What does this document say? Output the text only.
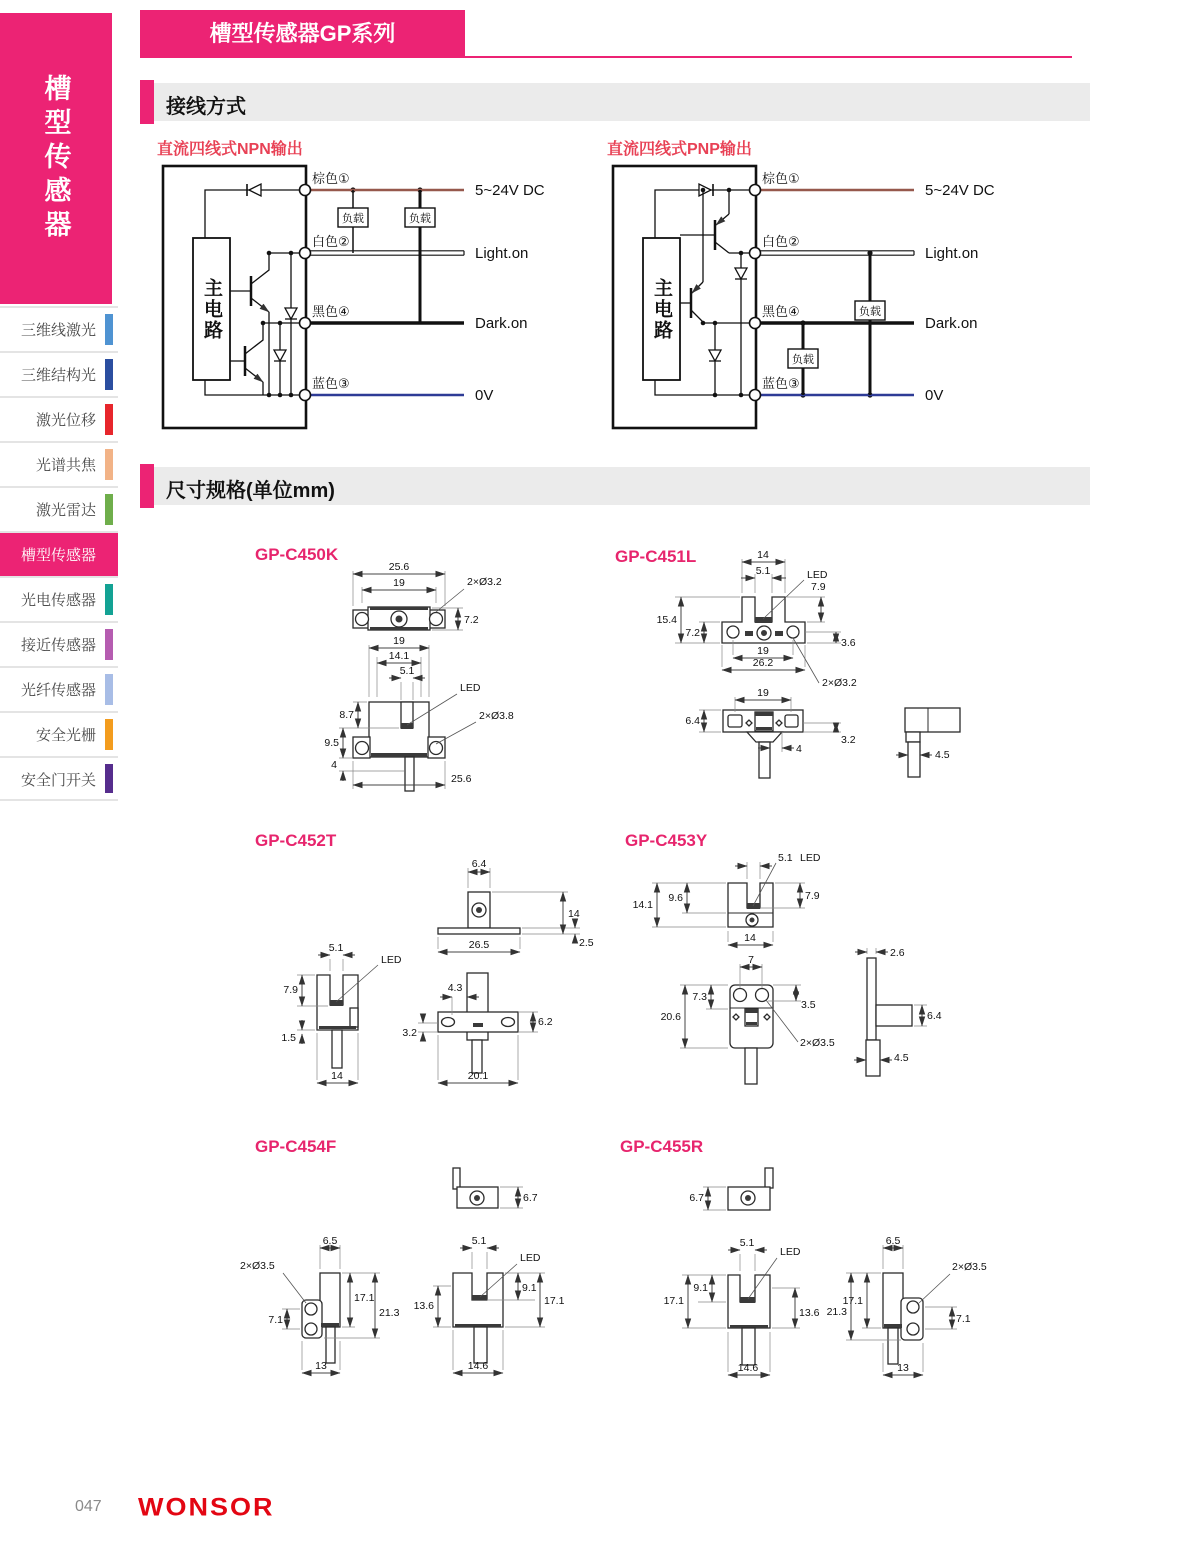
槽型传感器
三维线激光
三维结构光
激光位移
光谱共焦
激光雷达
槽型传感器
光电传感器
接近传感器
光纤传感器
安全光栅
安全门开关
槽型传感器GP系列
接线方式
直流四线式NPN输出	直流四线式PNP输出
负载	负载
棕色①
白色②
黑色④
蓝色③
5~24V DC
Light.on
Dark.on
0V
主电路
负载
负载
棕色①
白色②
黑色④
蓝色③
5~24V DC
Light.on
Dark.on
0V
主电路
尺寸规格(单位mm)
GP-C450K
25.6
19	2×Ø3.2
7.2
19
14.1
5.1
LED
2×Ø3.8
8.7
9.5
4
25.6
GP-C451L	14
5.1	LED
7.9
15.4
7.2
3.6
19
26.2
2×Ø3.2
19
6.4
3.2
4	4.5
GP-C452T
6.4
14
2.5
26.5
5.1
LED
7.9
1.5
14
4.3
3.2
6.2
20.1
GP-C453Y
5.1 LED
14.1
9.6	7.9
14
7
7.3
20.6
3.5
2×Ø3.5
2.6
6.4
4.5
GP-C454F
6.7
6.5
2×Ø3.5
7.1
17.1
21.3
13
5.1
LED
9.1
17.1
13.6
14.6
GP-C455R
6.7
5.1
LED
9.1
17.1
13.6
14.6
6.5
2×Ø3.5
21.3
17.1
7.1
13
047 WONSOR
